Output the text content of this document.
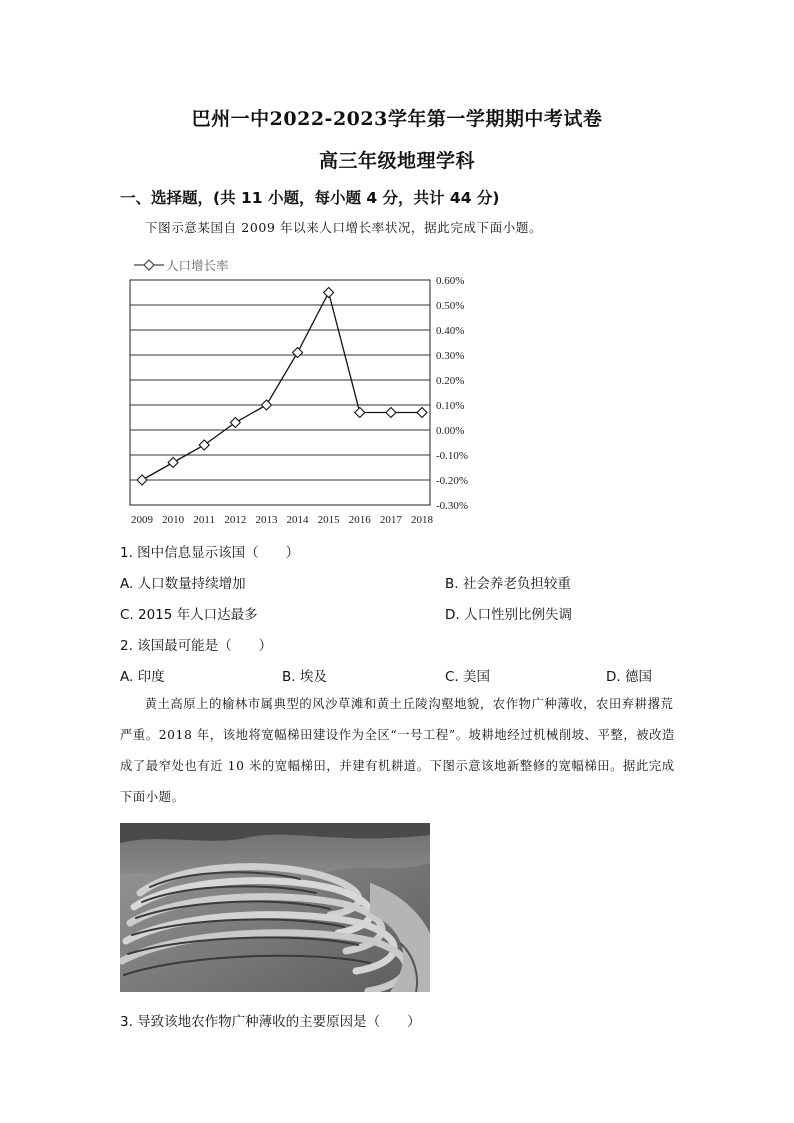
巴州一中2022-2023学年第一学期期中考试卷
高三年级地理学科
一、选择题，(共 11 小题，每小题 4 分，共计 44 分)
下图示意某国自 2009 年以来人口增长率状况，据此完成下面小题。
人口增长率
0.60%
0.50%
0.40%
0.30%
0.20%
0.10%
0.00%
-0.10%
-0.20%
-0.30%
2009 2010 2011 2012 2013 2014 2015 2016 2017 2018
1. 图中信息显示该国（　　）
A. 人口数量持续增加	B. 社会养老负担较重
C. 2015 年人口达最多	D. 人口性别比例失调
2. 该国最可能是（　　）
A. 印度	B. 埃及	C. 美国	D. 德国
黄土高原上的榆林市属典型的风沙草滩和黄土丘陵沟壑地貌，农作物广种薄收，农田弃耕撂荒严重。2018 年，该地将宽幅梯田建设作为全区“一号工程”。坡耕地经过机械削坡、平整，被改造成了最窄处也有近 10 米的宽幅梯田，并建有机耕道。下图示意该地新整修的宽幅梯田。据此完成下面小题。
3. 导致该地农作物广种薄收的主要原因是（　　）
